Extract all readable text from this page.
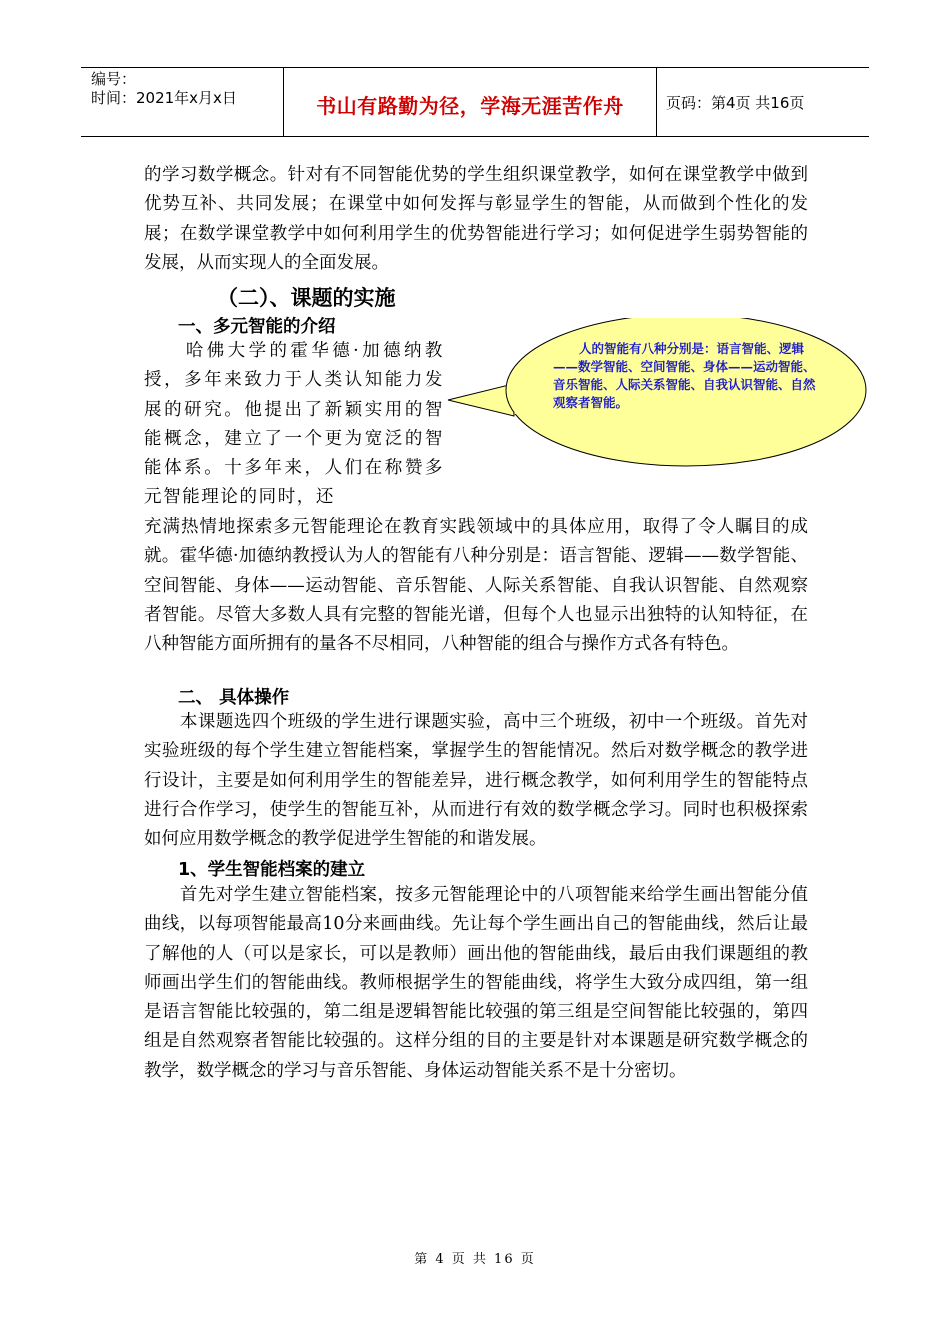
编号：
时间：2021年x月x日	书山有路勤为径，学海无涯苦作舟	页码：第4页 共16页

的学习数学概念。针对有不同智能优势的学生组织课堂教学，如何在课堂教学中做到优势互补、共同发展；在课堂中如何发挥与彰显学生的智能，从而做到个性化的发展；在数学课堂教学中如何利用学生的优势智能进行学习；如何促进学生弱势智能的发展，从而实现人的全面发展。

（二）、课题的实施
一、多元智能的介绍

　　哈佛大学的霍华德·加德纳教授，多年来致力于人类认知能力发展的研究。他提出了新颖实用的智能概念，建立了一个更为宽泛的智能体系。十多年来，人们在称赞多元智能理论的同时，还

人的智能有八种分别是：语言智能、逻辑——数学智能、空间智能、身体——运动智能、音乐智能、人际关系智能、自我认识智能、自然观察者智能。

充满热情地探索多元智能理论在教育实践领域中的具体应用，取得了令人瞩目的成就。霍华德·加德纳教授认为人的智能有八种分别是：语言智能、逻辑——数学智能、空间智能、身体——运动智能、音乐智能、人际关系智能、自我认识智能、自然观察者智能。尽管大多数人具有完整的智能光谱，但每个人也显示出独特的认知特征，在八种智能方面所拥有的量各不尽相同，八种智能的组合与操作方式各有特色。

二、 具体操作

　　本课题选四个班级的学生进行课题实验，高中三个班级，初中一个班级。首先对实验班级的每个学生建立智能档案，掌握学生的智能情况。然后对数学概念的教学进行设计，主要是如何利用学生的智能差异，进行概念教学，如何利用学生的智能特点进行合作学习，使学生的智能互补，从而进行有效的数学概念学习。同时也积极探索如何应用数学概念的教学促进学生智能的和谐发展。

1、学生智能档案的建立

　　首先对学生建立智能档案，按多元智能理论中的八项智能来给学生画出智能分值曲线，以每项智能最高10分来画曲线。先让每个学生画出自己的智能曲线，然后让最了解他的人（可以是家长，可以是教师）画出他的智能曲线，最后由我们课题组的教师画出学生们的智能曲线。教师根据学生的智能曲线，将学生大致分成四组，第一组是语言智能比较强的，第二组是逻辑智能比较强的第三组是空间智能比较强的，第四组是自然观察者智能比较强的。这样分组的目的主要是针对本课题是研究数学概念的教学，数学概念的学习与音乐智能、身体运动智能关系不是十分密切。

第 4 页 共 16 页
